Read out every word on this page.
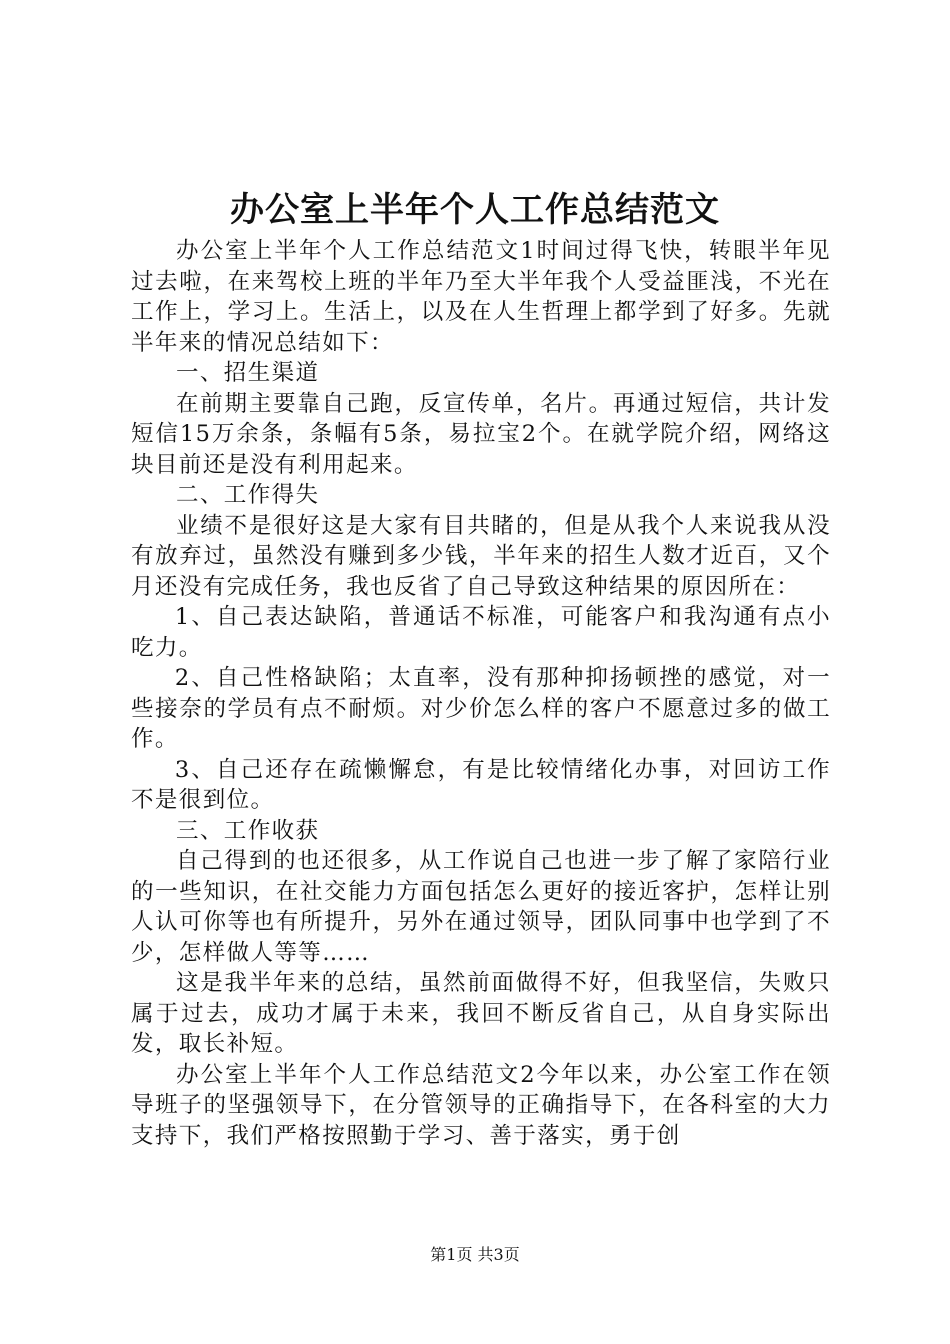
办公室上半年个人工作总结范文

办公室上半年个人工作总结范文1时间过得飞快，转眼半年见过去啦，在来驾校上班的半年乃至大半年我个人受益匪浅，不光在工作上，学习上。生活上，以及在人生哲理上都学到了好多。先就半年来的情况总结如下：

一、招生渠道

在前期主要靠自己跑，反宣传单，名片。再通过短信，共计发短信15万余条，条幅有5条，易拉宝2个。在就学院介绍，网络这块目前还是没有利用起来。

二、工作得失

业绩不是很好这是大家有目共睹的，但是从我个人来说我从没有放弃过，虽然没有赚到多少钱，半年来的招生人数才近百，又个月还没有完成任务，我也反省了自己导致这种结果的原因所在：

1、自己表达缺陷，普通话不标准，可能客户和我沟通有点小吃力。

2、自己性格缺陷；太直率，没有那种抑扬顿挫的感觉，对一些接奈的学员有点不耐烦。对少价怎么样的客户不愿意过多的做工作。

3、自己还存在疏懒懈怠，有是比较情绪化办事，对回访工作不是很到位。

三、工作收获

自己得到的也还很多，从工作说自己也进一步了解了家陪行业的一些知识，在社交能力方面包括怎么更好的接近客护，怎样让别人认可你等也有所提升，另外在通过领导，团队同事中也学到了不少，怎样做人等等……

这是我半年来的总结，虽然前面做得不好，但我坚信，失败只属于过去，成功才属于未来，我回不断反省自己，从自身实际出发，取长补短。

办公室上半年个人工作总结范文2今年以来，办公室工作在领导班子的坚强领导下，在分管领导的正确指导下，在各科室的大力支持下，我们严格按照勤于学习、善于落实，勇于创

第1页 共3页
